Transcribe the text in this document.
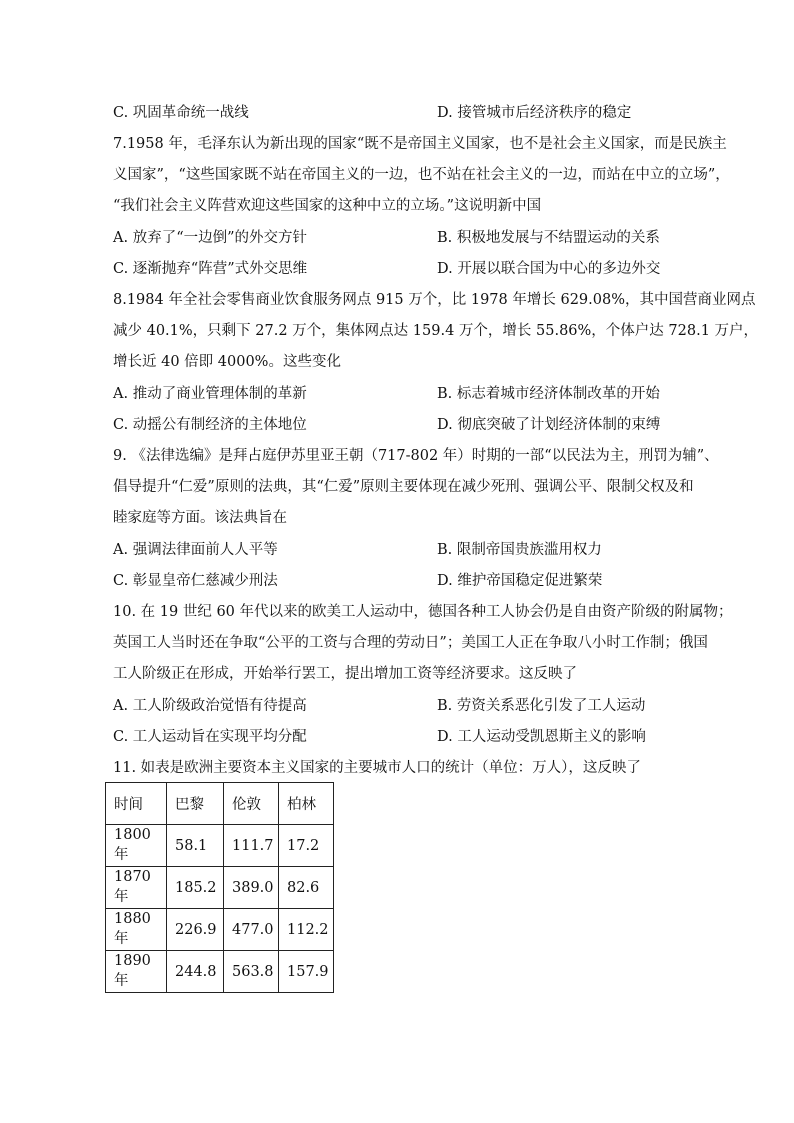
C. 巩固革命统一战线	D. 接管城市后经济秩序的稳定
7.1958 年，毛泽东认为新出现的国家“既不是帝国主义国家，也不是社会主义国家，而是民族主
义国家”，“这些国家既不站在帝国主义的一边，也不站在社会主义的一边，而站在中立的立场”，
“我们社会主义阵营欢迎这些国家的这种中立的立场。”这说明新中国
A. 放弃了“一边倒”的外交方针	B. 积极地发展与不结盟运动的关系
C. 逐渐抛弃“阵营”式外交思维	D. 开展以联合国为中心的多边外交
8.1984 年全社会零售商业饮食服务网点 915 万个，比 1978 年增长 629.08%，其中国营商业网点
减少 40.1%，只剩下 27.2 万个，集体网点达 159.4 万个，增长 55.86%，个体户达 728.1 万户，
增长近 40 倍即 4000%。这些变化
A. 推动了商业管理体制的革新	B. 标志着城市经济体制改革的开始
C. 动摇公有制经济的主体地位	D. 彻底突破了计划经济体制的束缚
9. 《法律选编》是拜占庭伊苏里亚王朝（717-802 年）时期的一部“以民法为主，刑罚为辅”、
倡导提升“仁爱”原则的法典，其“仁爱”原则主要体现在减少死刑、强调公平、限制父权及和
睦家庭等方面。该法典旨在
A. 强调法律面前人人平等	B. 限制帝国贵族滥用权力
C. 彰显皇帝仁慈减少刑法	D. 维护帝国稳定促进繁荣
10. 在 19 世纪 60 年代以来的欧美工人运动中，德国各种工人协会仍是自由资产阶级的附属物；
英国工人当时还在争取“公平的工资与合理的劳动日”；美国工人正在争取八小时工作制；俄国
工人阶级正在形成，开始举行罢工，提出增加工资等经济要求。这反映了
A. 工人阶级政治觉悟有待提高	B. 劳资关系恶化引发了工人运动
C. 工人运动旨在实现平均分配	D. 工人运动受凯恩斯主义的影响
11. 如表是欧洲主要资本主义国家的主要城市人口的统计（单位：万人），这反映了
时间	巴黎	伦敦	柏林
1800 年	58.1	111.7	17.2
1870 年	185.2	389.0	82.6
1880 年	226.9	477.0	112.2
1890 年	244.8	563.8	157.9
